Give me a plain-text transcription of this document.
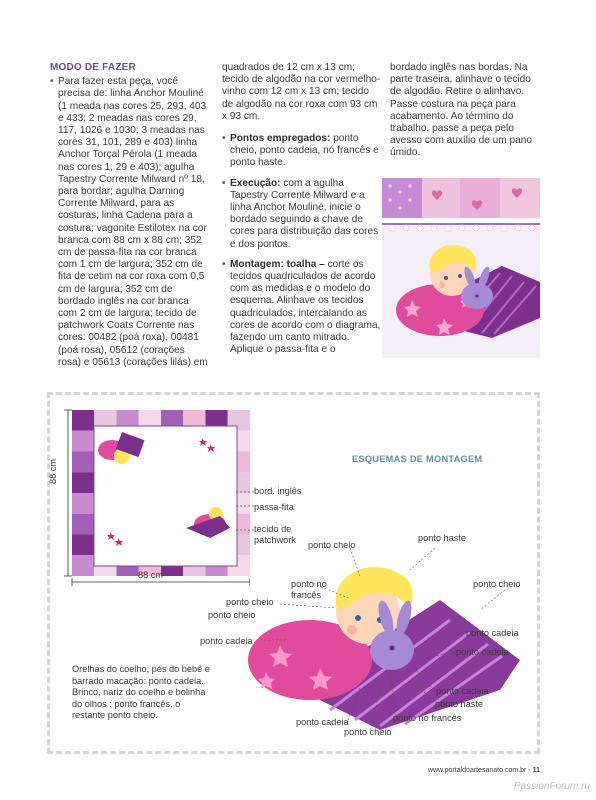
MODO DE FAZER
• Para fazer esta peça, você precisa de: linha Anchor Mouliné (1 meada nas cores 25, 293, 403 e 433; 2 meadas nas cores 29, 117, 1026 e 1030; 3 meadas nas cores 31, 101, 289 e 403) linha Anchor Torçal Pérola (1 meada nas cores 1, 29 e 403); agulha Tapestry Corrente Milward nº 18, para bordar; agulha Darning Corrente Milward, para as costuras; linha Cadena para a costura; vagonite Estilotex na cor branca com 88 cm x 88 cm; 352 cm de passa-fita na cor branca com 1 cm de largura; 352 cm de fita de cetim na cor roxa com 0,5 cm de largura; 352 cm de bordado inglês na cor branca com 2 cm de largura; tecido de patchwork Coats Corrente nas cores: 00482 (poá roxa), 00481 (poá rosa), 05612 (corações rosa) e 05613 (corações lilás) em

quadrados de 12 cm x 13 cm; tecido de algodão na cor vermelho-vinho com 12 cm x 13 cm; tecido de algodão na cor roxa com 93 cm x 93 cm.

• Pontos empregados: ponto cheio, ponto cadeia, nó francês e ponto haste.
• Execução: com a agulha Tapestry Corrente Milward e a linha Anchor Mouliné, inicie o bordado seguindo a chave de cores para distribuição das cores e dos pontos.
• Montagem: toalha – corte os tecidos quadriculados de acordo com as medidas e o modelo do esquema. Alinhave os tecidos quadriculados, intercalando as cores de acordo com o diagrama, fazendo um canto mitrado. Aplique o passa-fita e o

bordado inglês nas bordas. Na parte traseira, alinhave o tecido de algodão. Retire o alinhavo. Passe costura na peça para acabamento. Ao término do trabalho, passe a peça pelo avesso com auxílio de um pano úmido.

88 cm
88 cm
bord. inglês
passa-fita
tecido de patchwork
ESQUEMAS DE MONTAGEM
ponto haste
ponto cheio
ponto cheio
ponto no francês
ponto cheio
ponto cheio
ponto cadeia
ponto cadeia
ponto cadeia
ponto cadeia
ponto haste
ponto no francês
ponto cadeia
ponto cheio
Orelhas do coelho, pés do bebê e barrado macação: ponto cadeia. Brinco, nariz do coelho e bolinha do olhos : ponto francês, o restante ponto cheio.
www.portaldoartesanato.com.br - 11
PassionForum.ru
